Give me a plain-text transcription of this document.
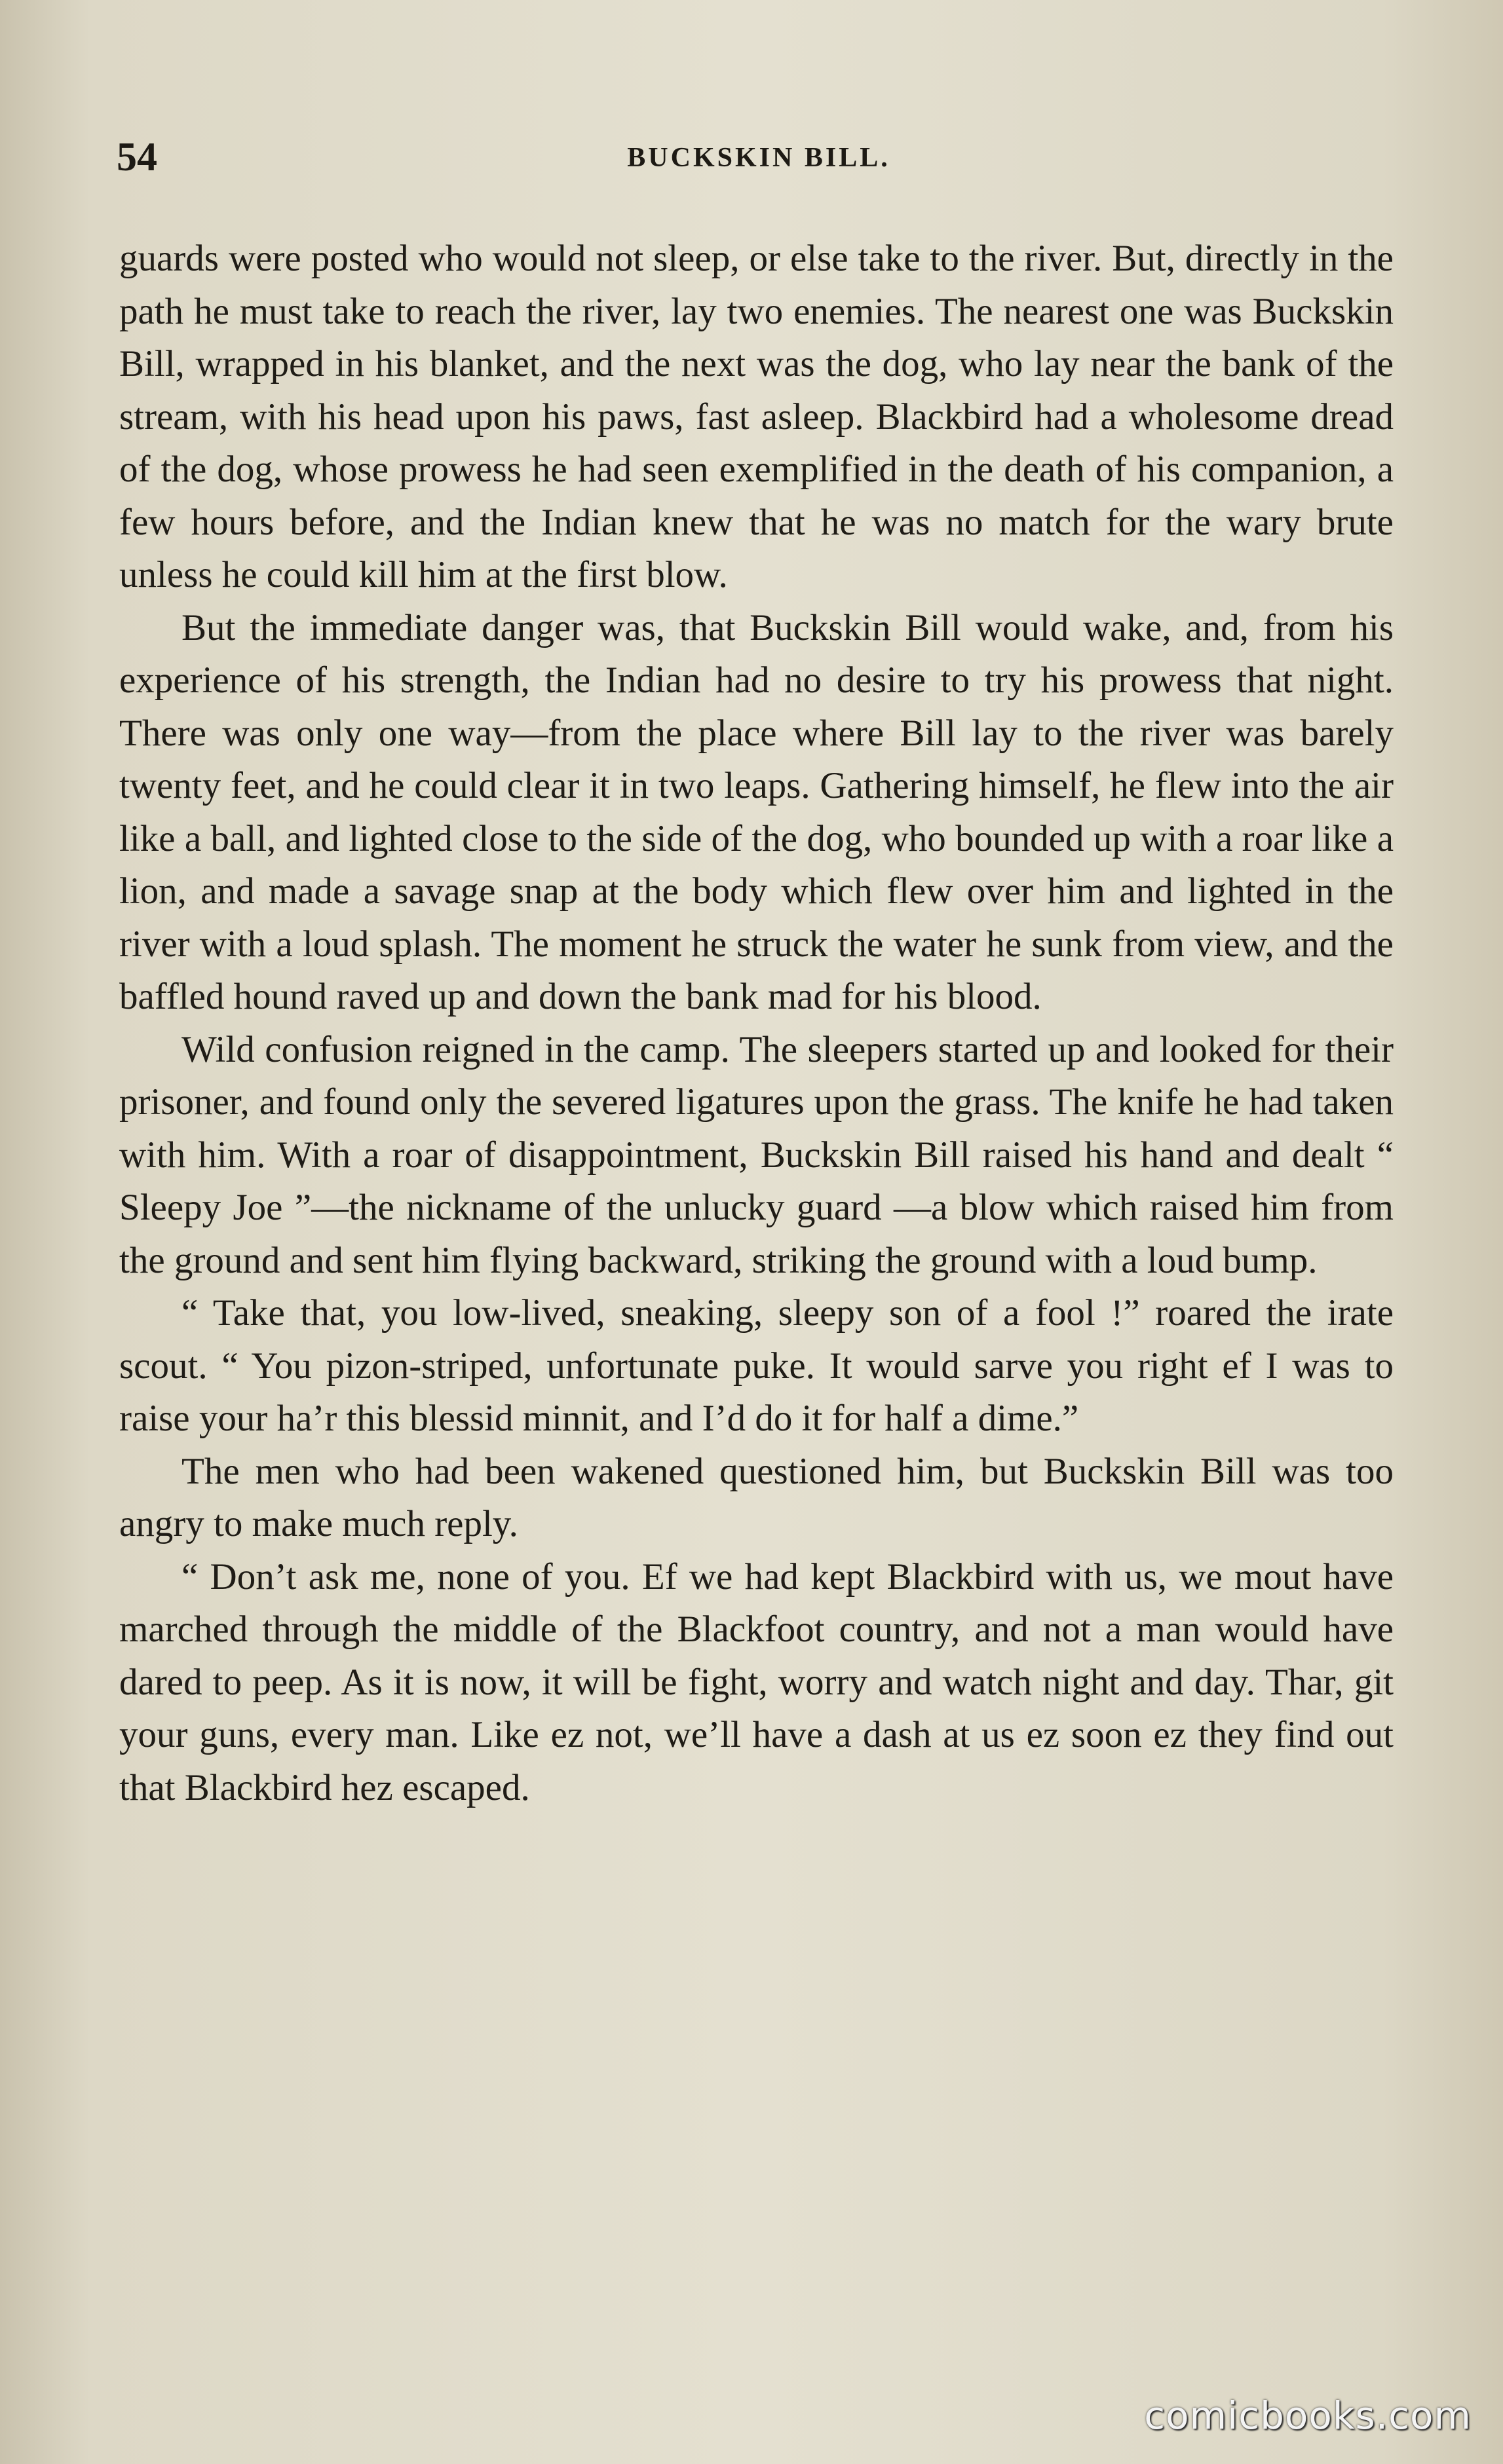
54	BUCKSKIN BILL.

guards were posted who would not sleep, or else take to the river. But, directly in the path he must take to reach the river, lay two enemies. The nearest one was Buckskin Bill, wrapped in his blanket, and the next was the dog, who lay near the bank of the stream, with his head upon his paws, fast asleep. Blackbird had a wholesome dread of the dog, whose prowess he had seen exemplified in the death of his companion, a few hours before, and the Indian knew that he was no match for the wary brute unless he could kill him at the first blow.

But the immediate danger was, that Buckskin Bill would wake, and, from his experience of his strength, the Indian had no desire to try his prowess that night. There was only one way—from the place where Bill lay to the river was barely twenty feet, and he could clear it in two leaps. Gathering himself, he flew into the air like a ball, and lighted close to the side of the dog, who bounded up with a roar like a lion, and made a savage snap at the body which flew over him and lighted in the river with a loud splash. The moment he struck the water he sunk from view, and the baffled hound raved up and down the bank mad for his blood.

Wild confusion reigned in the camp. The sleepers started up and looked for their prisoner, and found only the severed ligatures upon the grass. The knife he had taken with him. With a roar of disappointment, Buckskin Bill raised his hand and dealt “ Sleepy Joe ”—the nickname of the unlucky guard —a blow which raised him from the ground and sent him flying backward, striking the ground with a loud bump.

“ Take that, you low-lived, sneaking, sleepy son of a fool !” roared the irate scout. “ You pizon-striped, unfortunate puke. It would sarve you right ef I was to raise your ha’r this blessid minnit, and I’d do it for half a dime.”

The men who had been wakened questioned him, but Buckskin Bill was too angry to make much reply.

“ Don’t ask me, none of you. Ef we had kept Blackbird with us, we mout have marched through the middle of the Blackfoot country, and not a man would have dared to peep. As it is now, it will be fight, worry and watch night and day. Thar, git your guns, every man. Like ez not, we’ll have a dash at us ez soon ez they find out that Blackbird hez escaped.

comicbooks.com
